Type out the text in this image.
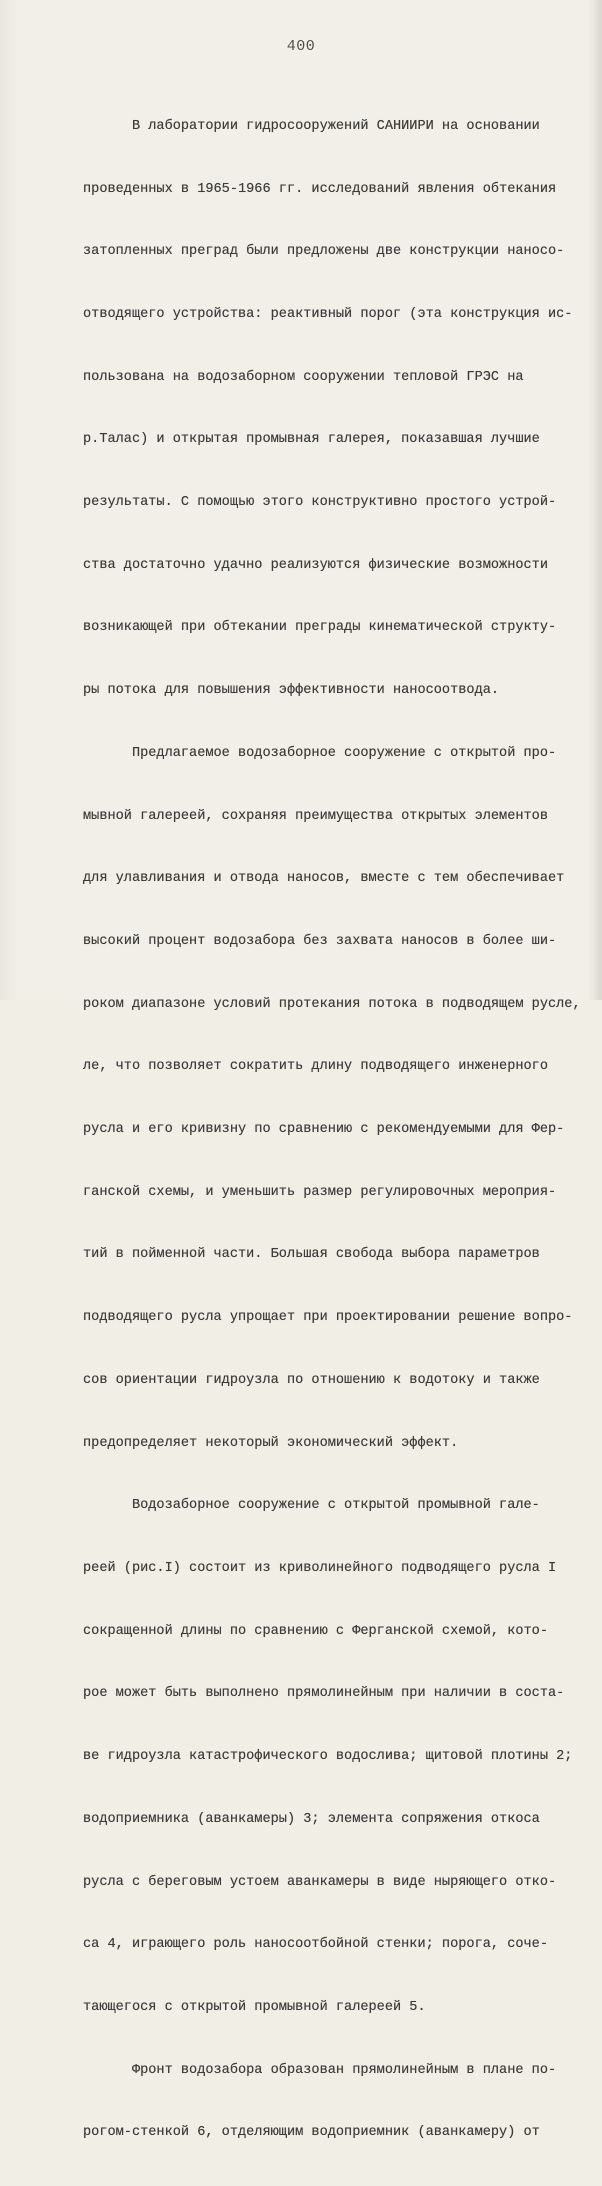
400

В лаборатории гидросооружений САНИИРИ на основании

проведенных в 1965-1966 гг. исследований явления обтекания

затопленных преград были предложены две конструкции наносо-

отводящего устройства: реактивный порог (эта конструкция ис-

пользована на водозаборном сооружении тепловой ГРЭС на

р.Талас) и открытая промывная галерея, показавшая лучшие

результаты. С помощью этого конструктивно простого устрой-

ства достаточно удачно реализуются физические возможности

возникающей при обтекании преграды кинематической структу-

ры потока для повышения эффективности наносоотвода.

Предлагаемое водозаборное сооружение с открытой про-

мывной галереей, сохраняя преимущества открытых элементов

для улавливания и отвода наносов, вместе с тем обеспечивает

высокий процент водозабора без захвата наносов в более ши-

роком диапазоне условий протекания потока в подводящем русле,

ле, что позволяет сократить длину подводящего инженерного

русла и его кривизну по сравнению с рекомендуемыми для Фер-

ганской схемы, и уменьшить размер регулировочных мероприя-

тий в пойменной части. Большая свобода выбора параметров

подводящего русла упрощает при проектировании решение вопро-

сов ориентации гидроузла по отношению к водотоку и также

предопределяет некоторый экономический эффект.

Водозаборное сооружение с открытой промывной гале-

реей (рис.I) состоит из криволинейного подводящего русла I

сокращенной длины по сравнению с Ферганской схемой, кото-

рое может быть выполнено прямолинейным при наличии в соста-

ве гидроузла катастрофического водослива; щитовой плотины 2;

водоприемника (аванкамеры) 3; элемента сопряжения откоса

русла с береговым устоем аванкамеры в виде ныряющего отко-

са 4, играющего роль наносоотбойной стенки; порога, соче-

тающегося с открытой промывной галереей 5.

Фронт водозабора образован прямолинейным в плане по-

рогом-стенкой 6, отделяющим водоприемник (аванкамеру) от
